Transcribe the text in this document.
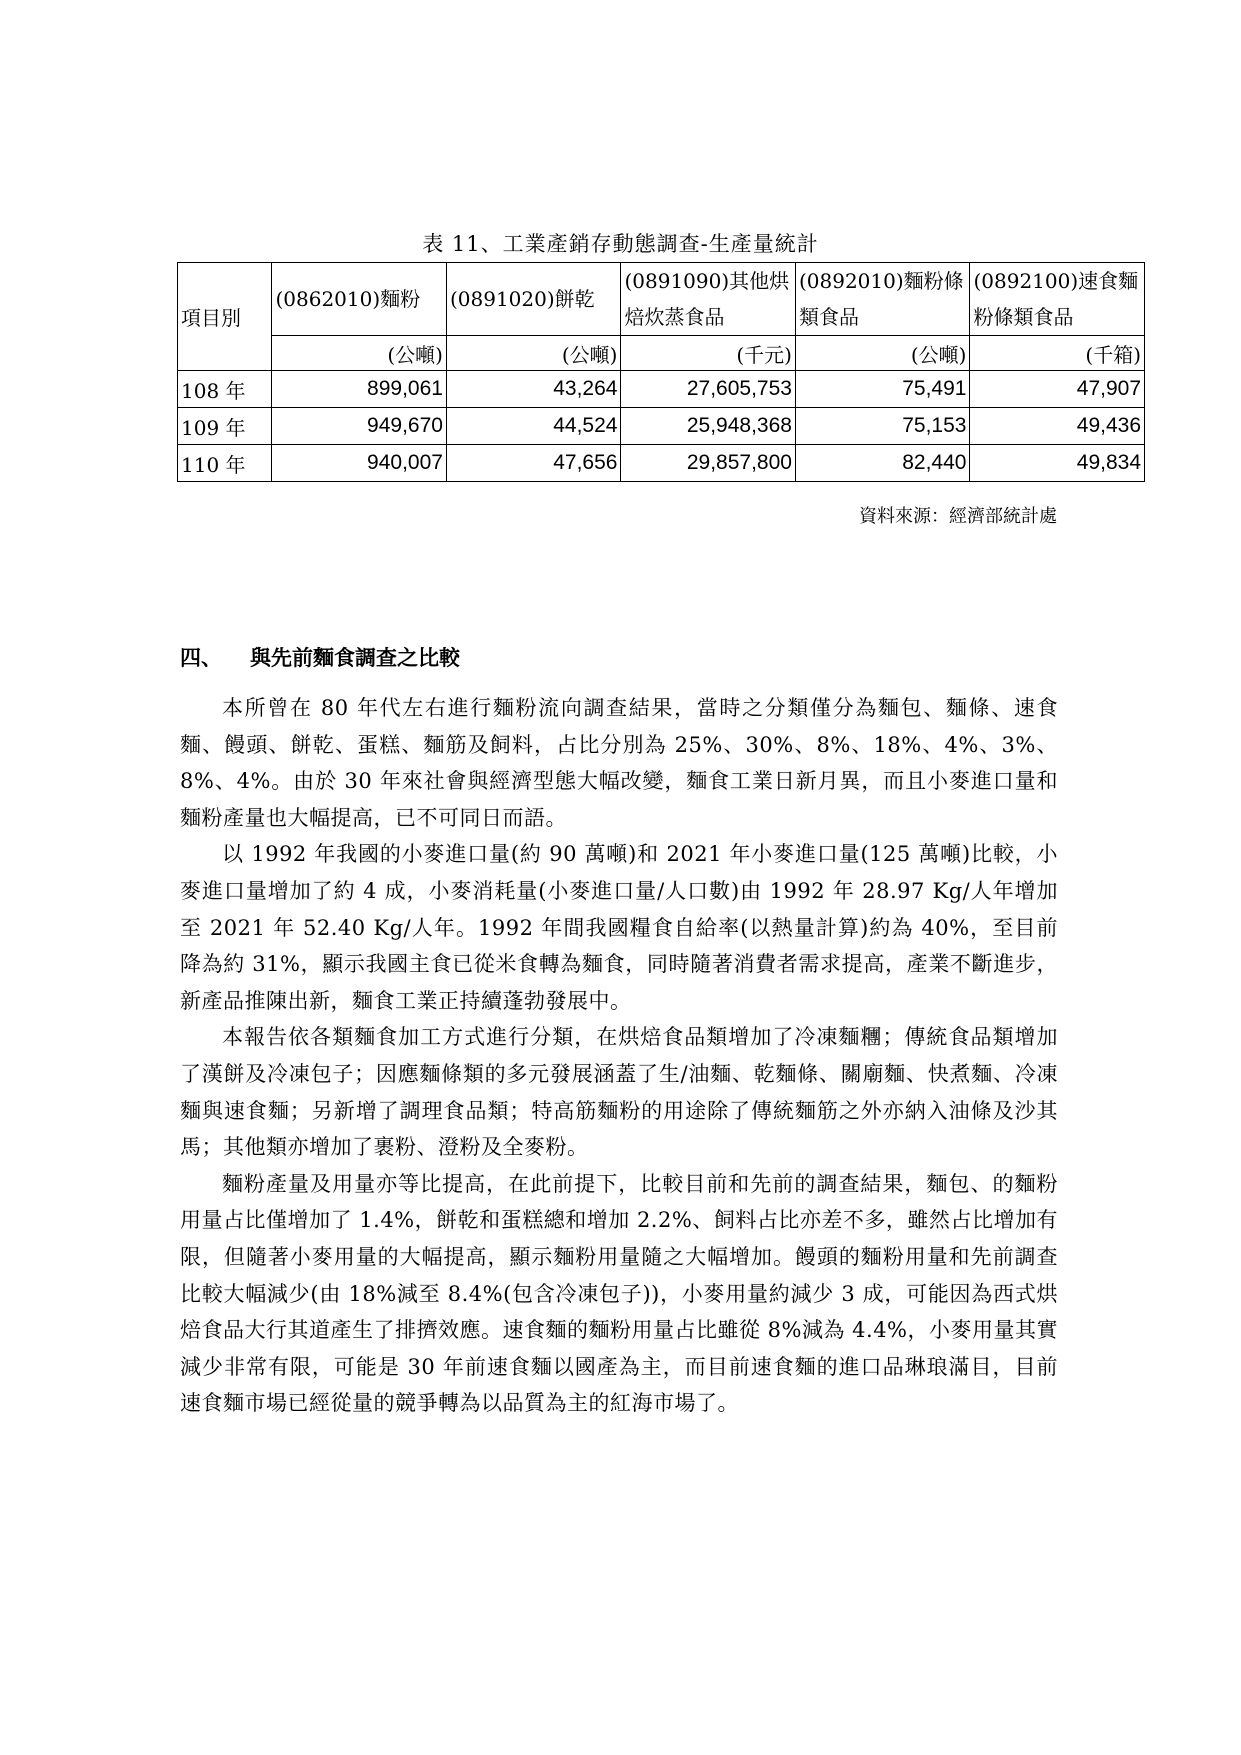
表 11、工業產銷存動態調查-生產量統計
項目別	(0862010)麵粉	(0891020)餅乾	(0891090)其他烘焙炊蒸食品	(0892010)麵粉條類食品	(0892100)速食麵粉條類食品
	(公噸)	(公噸)	(千元)	(公噸)	(千箱)
108 年	899,061	43,264	27,605,753	75,491	47,907
109 年	949,670	44,524	25,948,368	75,153	49,436
110 年	940,007	47,656	29,857,800	82,440	49,834
資料來源：經濟部統計處
四、 與先前麵食調查之比較

本所曾在 80 年代左右進行麵粉流向調查結果，當時之分類僅分為麵包、麵條、速食麵、饅頭、餅乾、蛋糕、麵筋及飼料，占比分別為 25%、30%、8%、18%、4%、3%、8%、4%。由於 30 年來社會與經濟型態大幅改變，麵食工業日新月異，而且小麥進口量和麵粉產量也大幅提高，已不可同日而語。

以 1992 年我國的小麥進口量(約 90 萬噸)和 2021 年小麥進口量(125 萬噸)比較，小麥進口量增加了約 4 成，小麥消耗量(小麥進口量/人口數)由 1992 年 28.97 Kg/人年增加至 2021 年 52.40 Kg/人年。1992 年間我國糧食自給率(以熱量計算)約為 40%，至目前降為約 31%，顯示我國主食已從米食轉為麵食，同時隨著消費者需求提高，產業不斷進步，新產品推陳出新，麵食工業正持續蓬勃發展中。

本報告依各類麵食加工方式進行分類，在烘焙食品類增加了冷凍麵糰；傳統食品類增加了漢餅及冷凍包子；因應麵條類的多元發展涵蓋了生/油麵、乾麵條、關廟麵、快煮麵、冷凍麵與速食麵；另新增了調理食品類；特高筋麵粉的用途除了傳統麵筋之外亦納入油條及沙其馬；其他類亦增加了裹粉、澄粉及全麥粉。

麵粉產量及用量亦等比提高，在此前提下，比較目前和先前的調查結果，麵包、的麵粉用量占比僅增加了 1.4%，餅乾和蛋糕總和增加 2.2%、飼料占比亦差不多，雖然占比增加有限，但隨著小麥用量的大幅提高，顯示麵粉用量隨之大幅增加。饅頭的麵粉用量和先前調查比較大幅減少(由 18%減至 8.4%(包含冷凍包子))，小麥用量約減少 3 成，可能因為西式烘焙食品大行其道產生了排擠效應。速食麵的麵粉用量占比雖從 8%減為 4.4%，小麥用量其實減少非常有限，可能是 30 年前速食麵以國產為主，而目前速食麵的進口品琳琅滿目，目前速食麵市場已經從量的競爭轉為以品質為主的紅海市場了。
